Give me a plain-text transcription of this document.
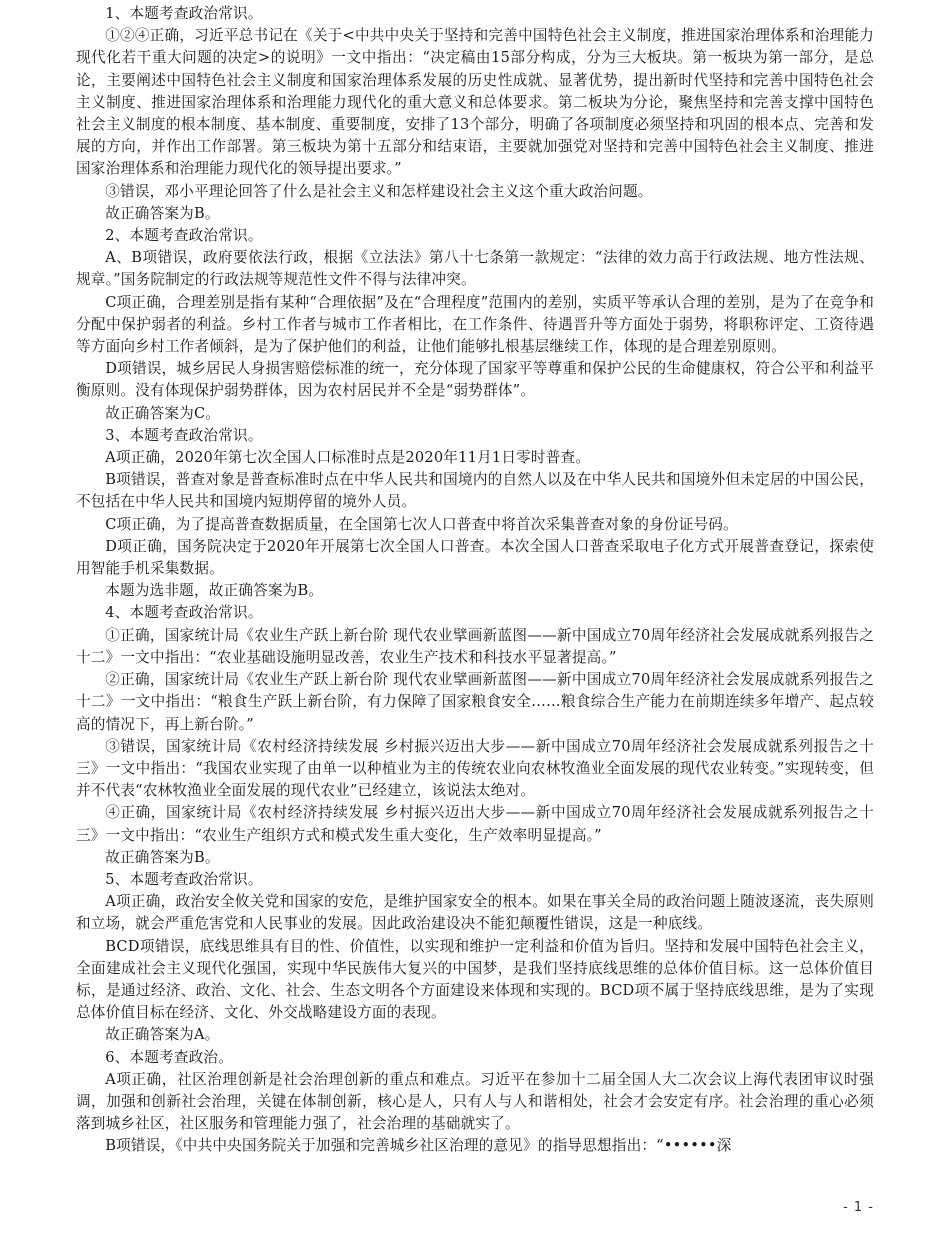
1、本题考查政治常识。

①②④正确，习近平总书记在《关于<中共中央关于坚持和完善中国特色社会主义制度，推进国家治理体系和治理能力现代化若干重大问题的决定>的说明》一文中指出：“决定稿由15部分构成，分为三大板块。第一板块为第一部分，是总论，主要阐述中国特色社会主义制度和国家治理体系发展的历史性成就、显著优势，提出新时代坚持和完善中国特色社会主义制度、推进国家治理体系和治理能力现代化的重大意义和总体要求。第二板块为分论，聚焦坚持和完善支撑中国特色社会主义制度的根本制度、基本制度、重要制度，安排了13个部分，明确了各项制度必须坚持和巩固的根本点、完善和发展的方向，并作出工作部署。第三板块为第十五部分和结束语，主要就加强党对坚持和完善中国特色社会主义制度、推进国家治理体系和治理能力现代化的领导提出要求。”

③错误，邓小平理论回答了什么是社会主义和怎样建设社会主义这个重大政治问题。

故正确答案为B。

2、本题考查政治常识。

A、B项错误，政府要依法行政，根据《立法法》第八十七条第一款规定：“法律的效力高于行政法规、地方性法规、规章。”国务院制定的行政法规等规范性文件不得与法律冲突。

C项正确，合理差别是指有某种“合理依据”及在“合理程度”范围内的差别，实质平等承认合理的差别，是为了在竞争和分配中保护弱者的利益。乡村工作者与城市工作者相比，在工作条件、待遇晋升等方面处于弱势，将职称评定、工资待遇等方面向乡村工作者倾斜，是为了保护他们的利益，让他们能够扎根基层继续工作，体现的是合理差别原则。

D项错误，城乡居民人身损害赔偿标准的统一，充分体现了国家平等尊重和保护公民的生命健康权，符合公平和利益平衡原则。没有体现保护弱势群体，因为农村居民并不全是“弱势群体”。

故正确答案为C。

3、本题考查政治常识。

A项正确，2020年第七次全国人口标准时点是2020年11月1日零时普查。

B项错误，普查对象是普查标准时点在中华人民共和国境内的自然人以及在中华人民共和国境外但未定居的中国公民，不包括在中华人民共和国境内短期停留的境外人员。

C项正确，为了提高普查数据质量，在全国第七次人口普查中将首次采集普查对象的身份证号码。

D项正确，国务院决定于2020年开展第七次全国人口普查。本次全国人口普查采取电子化方式开展普查登记，探索使用智能手机采集数据。

本题为选非题，故正确答案为B。

4、本题考查政治常识。

①正确，国家统计局《农业生产跃上新台阶 现代农业擘画新蓝图——新中国成立70周年经济社会发展成就系列报告之十二》一文中指出：“农业基础设施明显改善，农业生产技术和科技水平显著提高。”

②正确，国家统计局《农业生产跃上新台阶 现代农业擘画新蓝图——新中国成立70周年经济社会发展成就系列报告之十二》一文中指出：“粮食生产跃上新台阶，有力保障了国家粮食安全……粮食综合生产能力在前期连续多年增产、起点较高的情况下，再上新台阶。”

③错误，国家统计局《农村经济持续发展 乡村振兴迈出大步——新中国成立70周年经济社会发展成就系列报告之十三》一文中指出：“我国农业实现了由单一以种植业为主的传统农业向农林牧渔业全面发展的现代农业转变。”实现转变，但并不代表“农林牧渔业全面发展的现代农业”已经建立，该说法太绝对。

④正确，国家统计局《农村经济持续发展 乡村振兴迈出大步——新中国成立70周年经济社会发展成就系列报告之十三》一文中指出：“农业生产组织方式和模式发生重大变化，生产效率明显提高。”

故正确答案为B。

5、本题考查政治常识。

A项正确，政治安全攸关党和国家的安危，是维护国家安全的根本。如果在事关全局的政治问题上随波逐流，丧失原则和立场，就会严重危害党和人民事业的发展。因此政治建设决不能犯颠覆性错误，这是一种底线。

BCD项错误，底线思维具有目的性、价值性，以实现和维护一定利益和价值为旨归。坚持和发展中国特色社会主义，全面建成社会主义现代化强国，实现中华民族伟大复兴的中国梦，是我们坚持底线思维的总体价值目标。这一总体价值目标，是通过经济、政治、文化、社会、生态文明各个方面建设来体现和实现的。BCD项不属于坚持底线思维，是为了实现总体价值目标在经济、文化、外交战略建设方面的表现。

故正确答案为A。

6、本题考查政治。

A项正确，社区治理创新是社会治理创新的重点和难点。习近平在参加十二届全国人大二次会议上海代表团审议时强调，加强和创新社会治理，关键在体制创新，核心是人，只有人与人和谐相处，社会才会安定有序。社会治理的重心必须落到城乡社区，社区服务和管理能力强了，社会治理的基础就实了。

B项错误，《中共中央国务院关于加强和完善城乡社区治理的意见》的指导思想指出：“••••••深

- 1 -
